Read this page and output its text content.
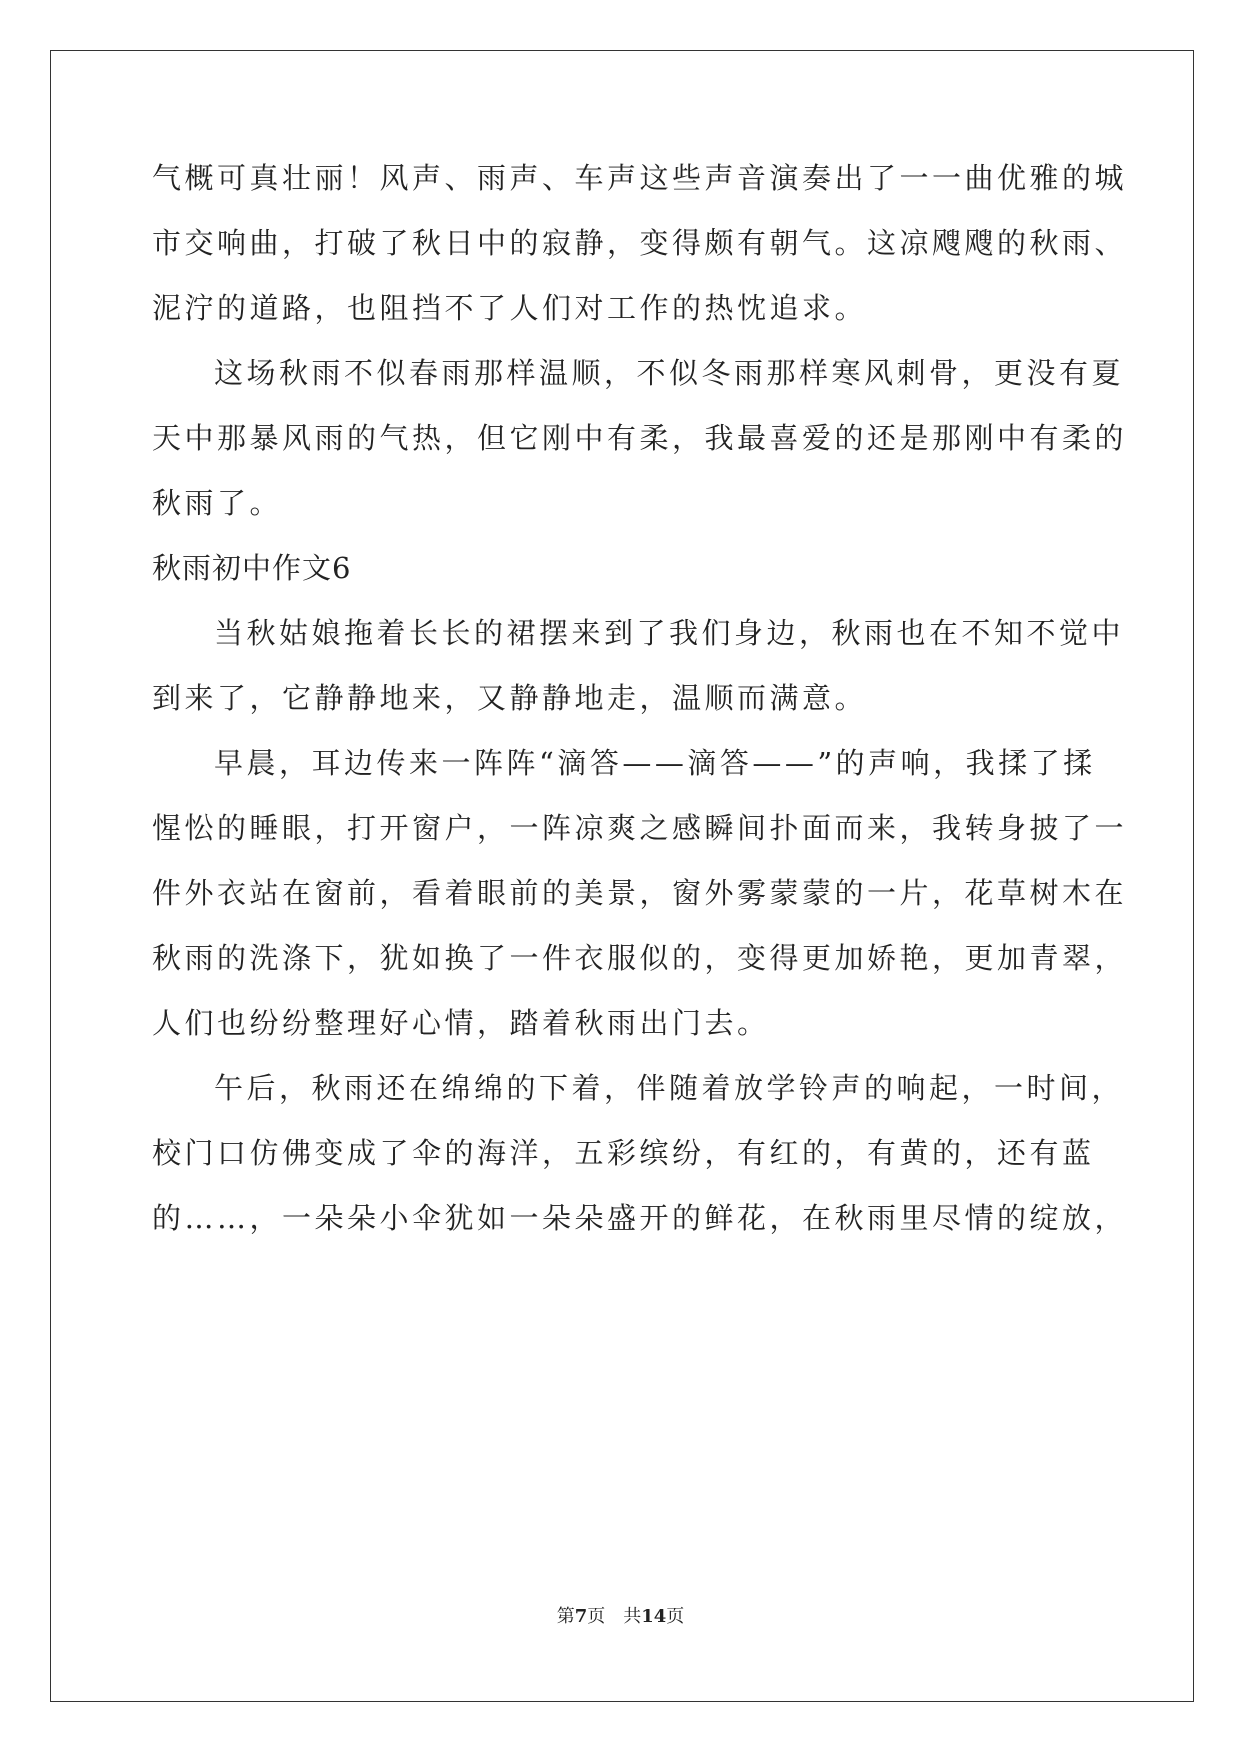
气概可真壮丽！风声、雨声、车声这些声音演奏出了一一曲优雅的城
市交响曲，打破了秋日中的寂静，变得颇有朝气。这凉飕飕的秋雨、
泥泞的道路，也阻挡不了人们对工作的热忱追求。
这场秋雨不似春雨那样温顺，不似冬雨那样寒风刺骨，更没有夏
天中那暴风雨的气热，但它刚中有柔，我最喜爱的还是那刚中有柔的
秋雨了。
秋雨初中作文6
当秋姑娘拖着长长的裙摆来到了我们身边，秋雨也在不知不觉中
到来了，它静静地来，又静静地走，温顺而满意。
早晨，耳边传来一阵阵“滴答——滴答——”的声响，我揉了揉
惺忪的睡眼，打开窗户，一阵凉爽之感瞬间扑面而来，我转身披了一
件外衣站在窗前，看着眼前的美景，窗外雾蒙蒙的一片，花草树木在
秋雨的洗涤下，犹如换了一件衣服似的，变得更加娇艳，更加青翠，
人们也纷纷整理好心情，踏着秋雨出门去。
午后，秋雨还在绵绵的下着，伴随着放学铃声的响起，一时间，
校门口仿佛变成了伞的海洋，五彩缤纷，有红的，有黄的，还有蓝
的……，一朵朵小伞犹如一朵朵盛开的鲜花，在秋雨里尽情的绽放，
第7页　共14页
